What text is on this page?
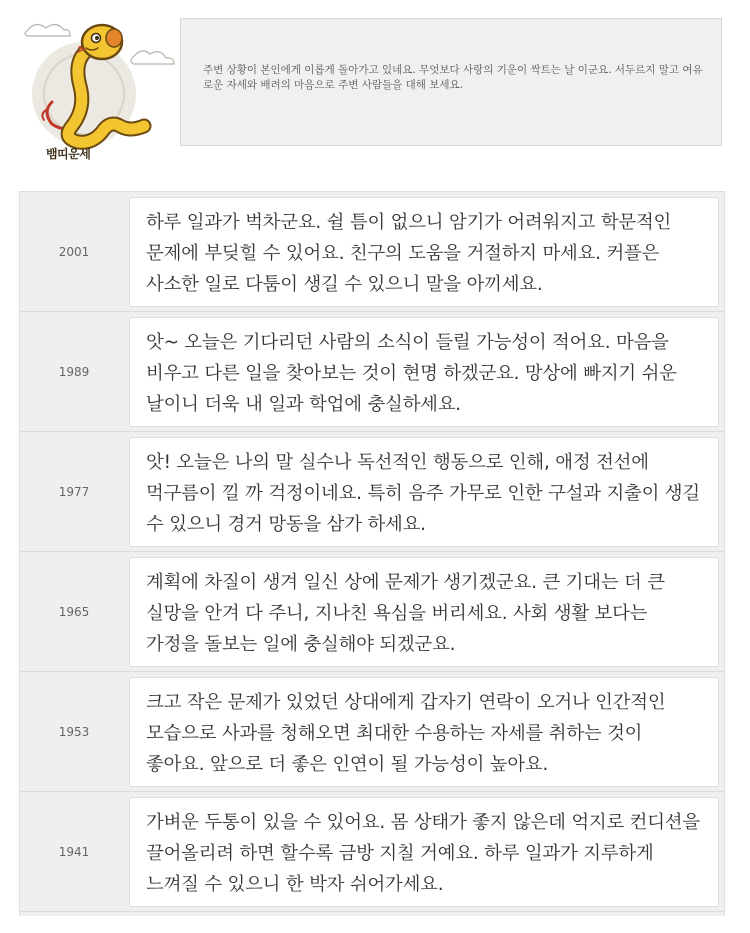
뱀띠운세
주변 상황이 본인에게 이롭게 돌아가고 있네요. 무엇보다 사랑의 기운이 싹트는 날 이군요. 서두르지 말고 여유로운 자세와 배려의 마음으로 주변 사람들을 대해 보세요.
2001
하루 일과가 벅차군요. 쉴 틈이 없으니 암기가 어려워지고 학문적인 문제에 부딪힐 수 있어요. 친구의 도움을 거절하지 마세요. 커플은 사소한 일로 다툼이 생길 수 있으니 말을 아끼세요.
1989
앗~ 오늘은 기다리던 사람의 소식이 들릴 가능성이 적어요. 마음을 비우고 다른 일을 찾아보는 것이 현명 하겠군요. 망상에 빠지기 쉬운 날이니 더욱 내 일과 학업에 충실하세요.
1977
앗! 오늘은 나의 말 실수나 독선적인 행동으로 인해, 애정 전선에 먹구름이 낄 까 걱정이네요. 특히 음주 가무로 인한 구설과 지출이 생길 수 있으니 경거 망동을 삼가 하세요.
1965
계획에 차질이 생겨 일신 상에 문제가 생기겠군요. 큰 기대는 더 큰 실망을 안겨 다 주니, 지나친 욕심을 버리세요. 사회 생활 보다는 가정을 돌보는 일에 충실해야 되겠군요.
1953
크고 작은 문제가 있었던 상대에게 갑자기 연락이 오거나 인간적인 모습으로 사과를 청해오면 최대한 수용하는 자세를 취하는 것이 좋아요. 앞으로 더 좋은 인연이 될 가능성이 높아요.
1941
가벼운 두통이 있을 수 있어요. 몸 상태가 좋지 않은데 억지로 컨디션을 끌어올리려 하면 할수록 금방 지칠 거예요. 하루 일과가 지루하게 느껴질 수 있으니 한 박자 쉬어가세요.
